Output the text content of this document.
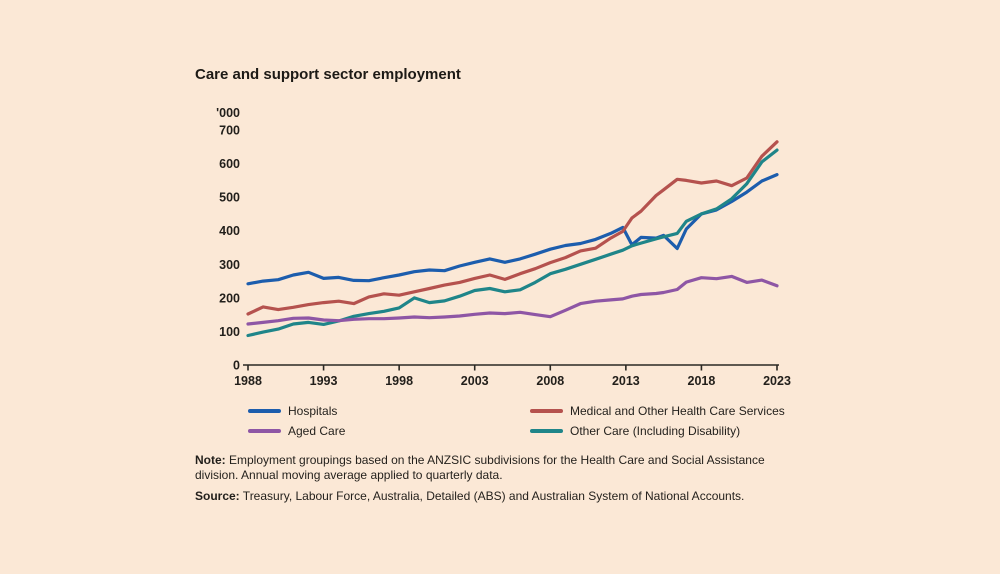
Care and support sector employment
'000
0
100
200
300
400
500
600
700
1988	1993	1998	2003	2008	2013	2018	2023
Hospitals
Aged Care
Medical and Other Health Care Services
Other Care (Including Disability)
Note: Employment groupings based on the ANZSIC subdivisions for the Health Care and Social Assistance division. Annual moving average applied to quarterly data.
Source: Treasury, Labour Force, Australia, Detailed (ABS) and Australian System of National Accounts.
